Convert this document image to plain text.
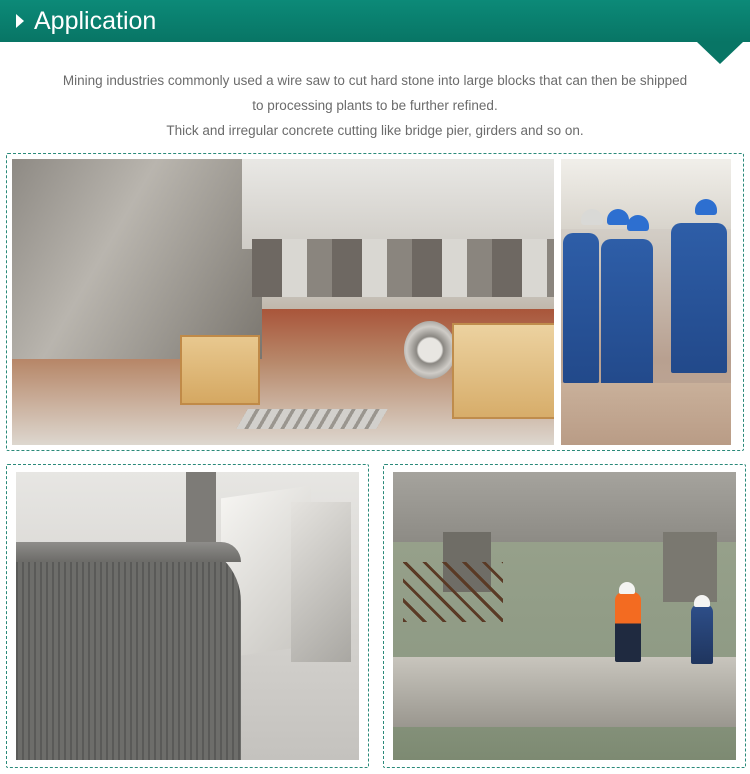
Application
Mining industries commonly used a wire saw to cut hard stone into large blocks that can then be shipped
to processing plants to be further refined.
Thick and irregular concrete cutting like bridge pier, girders and so on.
